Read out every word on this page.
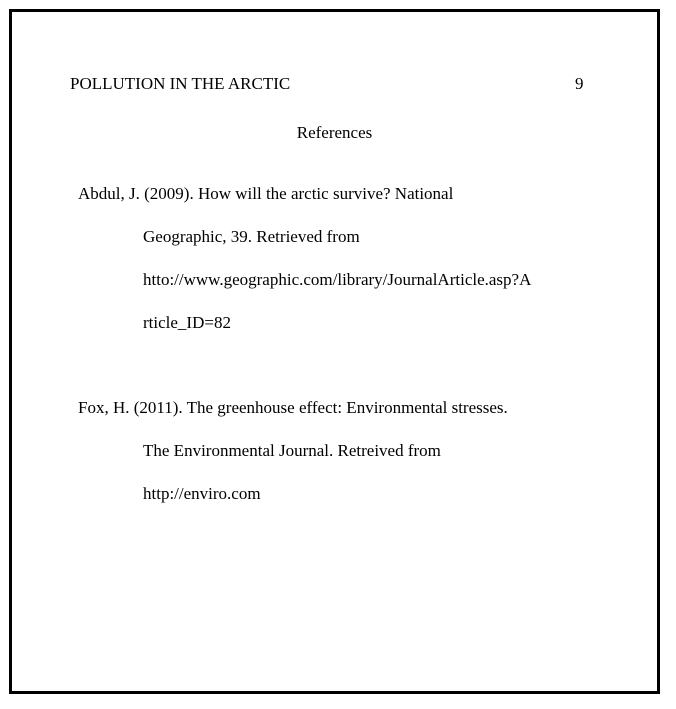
POLLUTION IN THE ARCTIC	9
References
Abdul, J. (2009). How will the arctic survive? National
Geographic, 39. Retrieved from
htto://www.geographic.com/library/JournalArticle.asp?A
rticle_ID=82
Fox, H. (2011). The greenhouse effect: Environmental stresses.
The Environmental Journal. Retreived from
http://enviro.com
